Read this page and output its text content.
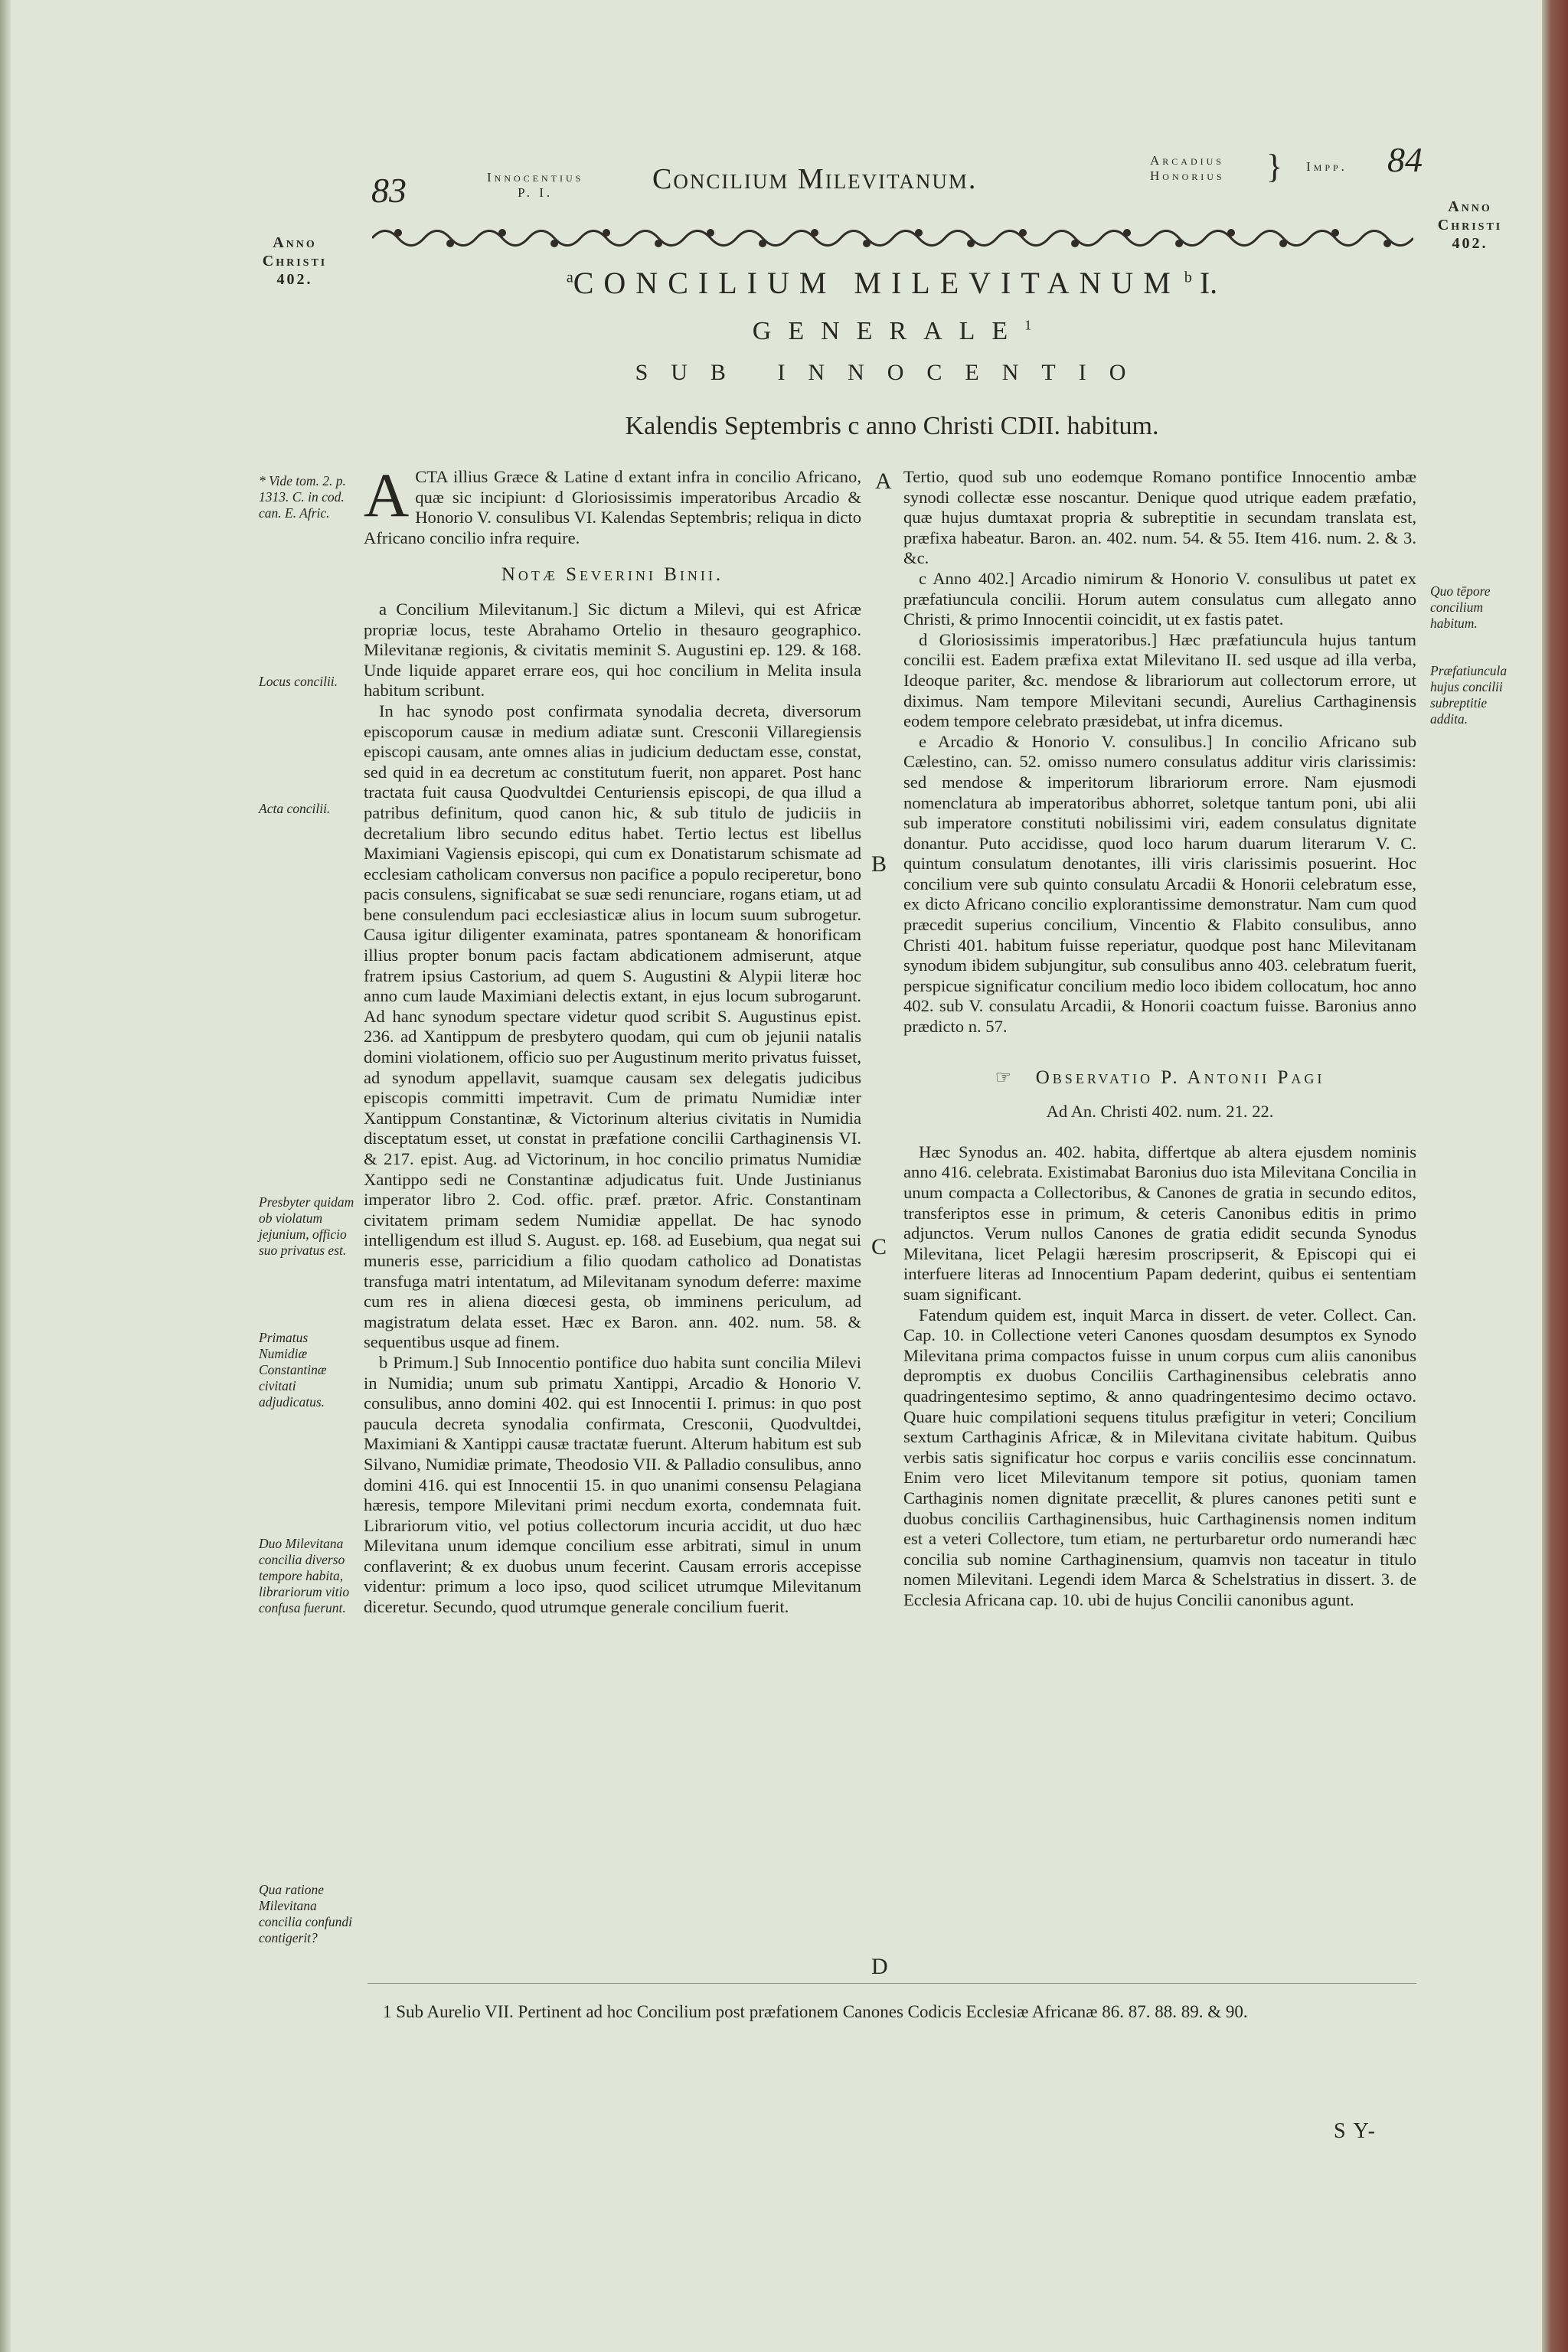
83	Innocentius
P. I.	Concilium Milevitanum.
Arcadius
Honorius } Impp. 84
Anno
Christi
402.
Anno
Christi
402.
$^a$CONCILIUM MILEVITANUM $^b$ I.
GENERALE$^1$
SUB INNOCENTIO
Kalendis Septembris c anno Christi CDII. habitum.
A CTA illius Græce & Latine d extant infra in concilio Africano, quæ sic incipiunt: d Gloriosissimis imperatoribus Arcadio & Honorio V. consulibus VI. Kalendas Septembris; reliqua in dicto Africano concilio infra require.
Notæ Severini Binii.

a Concilium Milevitanum.] Sic dictum a Milevi, qui est Africæ propriæ locus, teste Abrahamo Ortelio in thesauro geographico. Milevitanæ regionis, & civitatis meminit S. Augustini ep. 129. & 168. Unde liquide apparet errare eos, qui hoc concilium in Melita insula habitum scribunt.

In hac synodo post confirmata synodalia decreta, diversorum episcoporum causæ in medium adiatæ sunt. Cresconii Villaregiensis episcopi causam, ante omnes alias in judicium deductam esse, constat, sed quid in ea decretum ac constitutum fuerit, non apparet. Post hanc tractata fuit causa Quodvultdei Centuriensis episcopi, de qua illud a patribus definitum, quod canon hic, & sub titulo de judiciis in decretalium libro secundo editus habet. Tertio lectus est libellus Maximiani Vagiensis episcopi, qui cum ex Donatistarum schismate ad ecclesiam catholicam conversus non pacifice a populo reciperetur, bono pacis consulens, significabat se suæ sedi renunciare, rogans etiam, ut ad bene consulendum paci ecclesiasticæ alius in locum suum subrogetur. Causa igitur diligenter examinata, patres spontaneam & honorificam illius propter bonum pacis factam abdicationem admiserunt, atque fratrem ipsius Castorium, ad quem S. Augustini & Alypii literæ hoc anno cum laude Maximiani delectis extant, in ejus locum subrogarunt. Ad hanc synodum spectare videtur quod scribit S. Augustinus epist. 236. ad Xantippum de presbytero quodam, qui cum ob jejunii natalis domini violationem, officio suo per Augustinum merito privatus fuisset, ad synodum appellavit, suamque causam sex delegatis judicibus episcopis committi impetravit. Cum de primatu Numidiæ inter Xantippum Constantinæ, & Victorinum alterius civitatis in Numidia disceptatum esset, ut constat in præfatione concilii Carthaginensis VI. & 217. epist. Aug. ad Victorinum, in hoc concilio primatus Numidiæ Xantippo sedi ne Constantinæ adjudicatus fuit. Unde Justinianus imperator libro 2. Cod. offic. præf. prætor. Afric. Constantinam civitatem primam sedem Numidiæ appellat. De hac synodo intelligendum est illud S. August. ep. 168. ad Eusebium, qua negat sui muneris esse, parricidium a filio quodam catholico ad Donatistas transfuga matri intentatum, ad Milevitanam synodum deferre: maxime cum res in aliena diœcesi gesta, ob imminens periculum, ad magistratum delata esset. Hæc ex Baron. ann. 402. num. 58. & sequentibus usque ad finem.

b Primum.] Sub Innocentio pontifice duo habita sunt concilia Milevi in Numidia; unum sub primatu Xantippi, Arcadio & Honorio V. consulibus, anno domini 402. qui est Innocentii I. primus: in quo post paucula decreta synodalia confirmata, Cresconii, Quodvultdei, Maximiani & Xantippi causæ tractatæ fuerunt. Alterum habitum est sub Silvano, Numidiæ primate, Theodosio VII. & Palladio consulibus, anno domini 416. qui est Innocentii 15. in quo unanimi consensu Pelagiana hæresis, tempore Milevitani primi necdum exorta, condemnata fuit. Librariorum vitio, vel potius collectorum incuria accidit, ut duo hæc Milevitana unum idemque concilium esse arbitrati, simul in unum conflaverint; & ex duobus unum fecerint. Causam erroris accepisse videntur: primum a loco ipso, quod scilicet utrumque Milevitanum diceretur. Secundo, quod utrumque generale concilium fuerit.

* Vide tom. 2. p. 1313. C. in cod. can. E. Afric.
Locus concilii.
Acta concilii.
Presbyter quidam ob violatum jejunium, officio suo privatus est.
Primatus Numidiæ Constantinæ civitati adjudicatus.
Duo Milevitana concilia diverso tempore habita, librariorum vitio confusa fuerunt.
Qua ratione Milevitana concilia confundi contigerit?
A
B
C
D

Tertio, quod sub uno eodemque Romano pontifice Innocentio ambæ synodi collectæ esse noscantur. Denique quod utrique eadem præfatio, quæ hujus dumtaxat propria & subreptitie in secundam translata est, præfixa habeatur. Baron. an. 402. num. 54. & 55. Item 416. num. 2. & 3. &c.

c Anno 402.] Arcadio nimirum & Honorio V. consulibus ut patet ex præfatiuncula concilii. Horum autem consulatus cum allegato anno Christi, & primo Innocentii coincidit, ut ex fastis patet.

d Gloriosissimis imperatoribus.] Hæc præfatiuncula hujus tantum concilii est. Eadem præfixa extat Milevitano II. sed usque ad illa verba, Ideoque pariter, &c. mendose & librariorum aut collectorum errore, ut diximus. Nam tempore Milevitani secundi, Aurelius Carthaginensis eodem tempore celebrato præsidebat, ut infra dicemus.

e Arcadio & Honorio V. consulibus.] In concilio Africano sub Cælestino, can. 52. omisso numero consulatus additur viris clarissimis: sed mendose & imperitorum librariorum errore. Nam ejusmodi nomenclatura ab imperatoribus abhorret, soletque tantum poni, ubi alii sub imperatore constituti nobilissimi viri, eadem consulatus dignitate donantur. Puto accidisse, quod loco harum duarum literarum V. C. quintum consulatum denotantes, illi viris clarissimis posuerint. Hoc concilium vere sub quinto consulatu Arcadii & Honorii celebratum esse, ex dicto Africano concilio explorantissime demonstratur. Nam cum quod præcedit superius concilium, Vincentio & Flabito consulibus, anno Christi 401. habitum fuisse reperiatur, quodque post hanc Milevitanam synodum ibidem subjungitur, sub consulibus anno 403. celebratum fuerit, perspicue significatur concilium medio loco ibidem collocatum, hoc anno 402. sub V. consulatu Arcadii, & Honorii coactum fuisse. Baronius anno prædicto n. 57.

☞ Observatio P. Antonii Pagi
Ad An. Christi 402. num. 21. 22.

Hæc Synodus an. 402. habita, differtque ab altera ejusdem nominis anno 416. celebrata. Existimabat Baronius duo ista Milevitana Concilia in unum compacta a Collectoribus, & Canones de gratia in secundo editos, transferiptos esse in primum, & ceteris Canonibus editis in primo adjunctos. Verum nullos Canones de gratia edidit secunda Synodus Milevitana, licet Pelagii hæresim proscripserit, & Episcopi qui ei interfuere literas ad Innocentium Papam dederint, quibus ei sententiam suam significant.

Fatendum quidem est, inquit Marca in dissert. de veter. Collect. Can. Cap. 10. in Collectione veteri Canones quosdam desumptos ex Synodo Milevitana prima compactos fuisse in unum corpus cum aliis canonibus depromptis ex duobus Conciliis Carthaginensibus celebratis anno quadringentesimo septimo, & anno quadringentesimo decimo octavo. Quare huic compilationi sequens titulus præfigitur in veteri; Concilium sextum Carthaginis Africæ, & in Milevitana civitate habitum. Quibus verbis satis significatur hoc corpus e variis conciliis esse concinnatum. Enim vero licet Milevitanum tempore sit potius, quoniam tamen Carthaginis nomen dignitate præcellit, & plures canones petiti sunt e duobus conciliis Carthaginensibus, huic Carthaginensis nomen inditum est a veteri Collectore, tum etiam, ne perturbaretur ordo numerandi hæc concilia sub nomine Carthaginensium, quamvis non taceatur in titulo nomen Milevitani. Legendi idem Marca & Schelstratius in dissert. 3. de Ecclesia Africana cap. 10. ubi de hujus Concilii canonibus agunt.

Quo tēpore concilium habitum.
Præfatiuncula hujus concilii subreptitie addita.
1 Sub Aurelio VII. Pertinent ad hoc Concilium post præfationem Canones Codicis Ecclesiæ Africanæ 86. 87. 88. 89. & 90.
S Y-
